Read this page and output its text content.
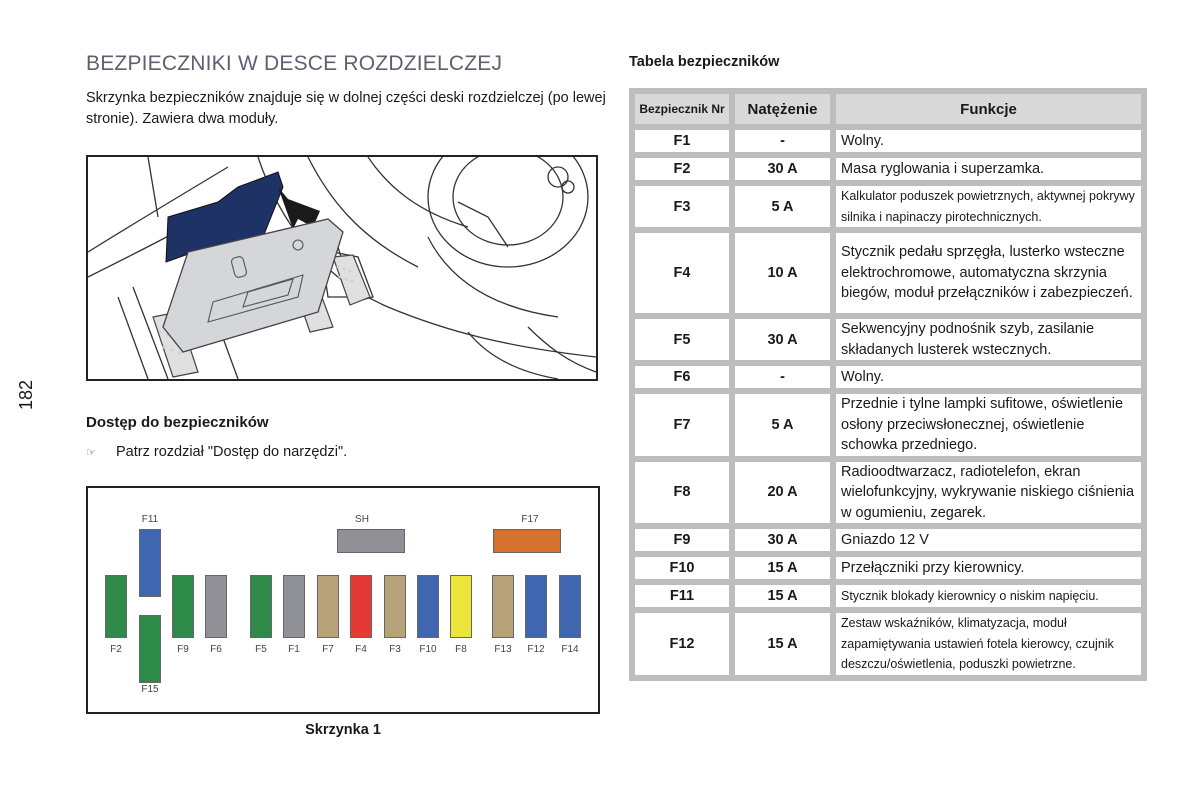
182
BEZPIECZNIKI W DESCE ROZDZIELCZEJ

Skrzynka bezpieczników znajduje się w dolnej części deski rozdzielczej (po lewej stronie). Zawiera dwa moduły.

Dostęp do bezpieczników
☞ Patrz rozdział "Dostęp do narzędzi".
F11	SH	F17
F2	F9	F6	F5	F1	F7	F4	F3	F10	F8	F13	F12	F14
F15
Skrzynka 1
Tabela bezpieczników
Bezpiecznik Nr	Natężenie	Funkcje
F1	-	Wolny.
F2	30 A	Masa ryglowania i superzamka.
F3	5 A	Kalkulator poduszek powietrznych, aktywnej pokrywy silnika i napinaczy pirotechnicznych.
F4	10 A	Stycznik pedału sprzęgła, lusterko wsteczne elektrochromowe, automatyczna skrzynia biegów, moduł przełączników i zabezpieczeń.
F5	30 A	Sekwencyjny podnośnik szyb, zasilanie składanych lusterek wstecznych.
F6	-	Wolny.
F7	5 A	Przednie i tylne lampki sufitowe, oświetlenie osłony przeciwsłonecznej, oświetlenie schowka przedniego.
F8	20 A	Radioodtwarzacz, radiotelefon, ekran wielofunkcyjny, wykrywanie niskiego ciśnienia w ogumieniu, zegarek.
F9	30 A	Gniazdo 12 V
F10	15 A	Przełączniki przy kierownicy.
F11	15 A	Stycznik blokady kierownicy o niskim napięciu.
F12	15 A	Zestaw wskaźników, klimatyzacja, moduł zapamiętywania ustawień fotela kierowcy, czujnik deszczu/oświetlenia, poduszki powietrzne.
